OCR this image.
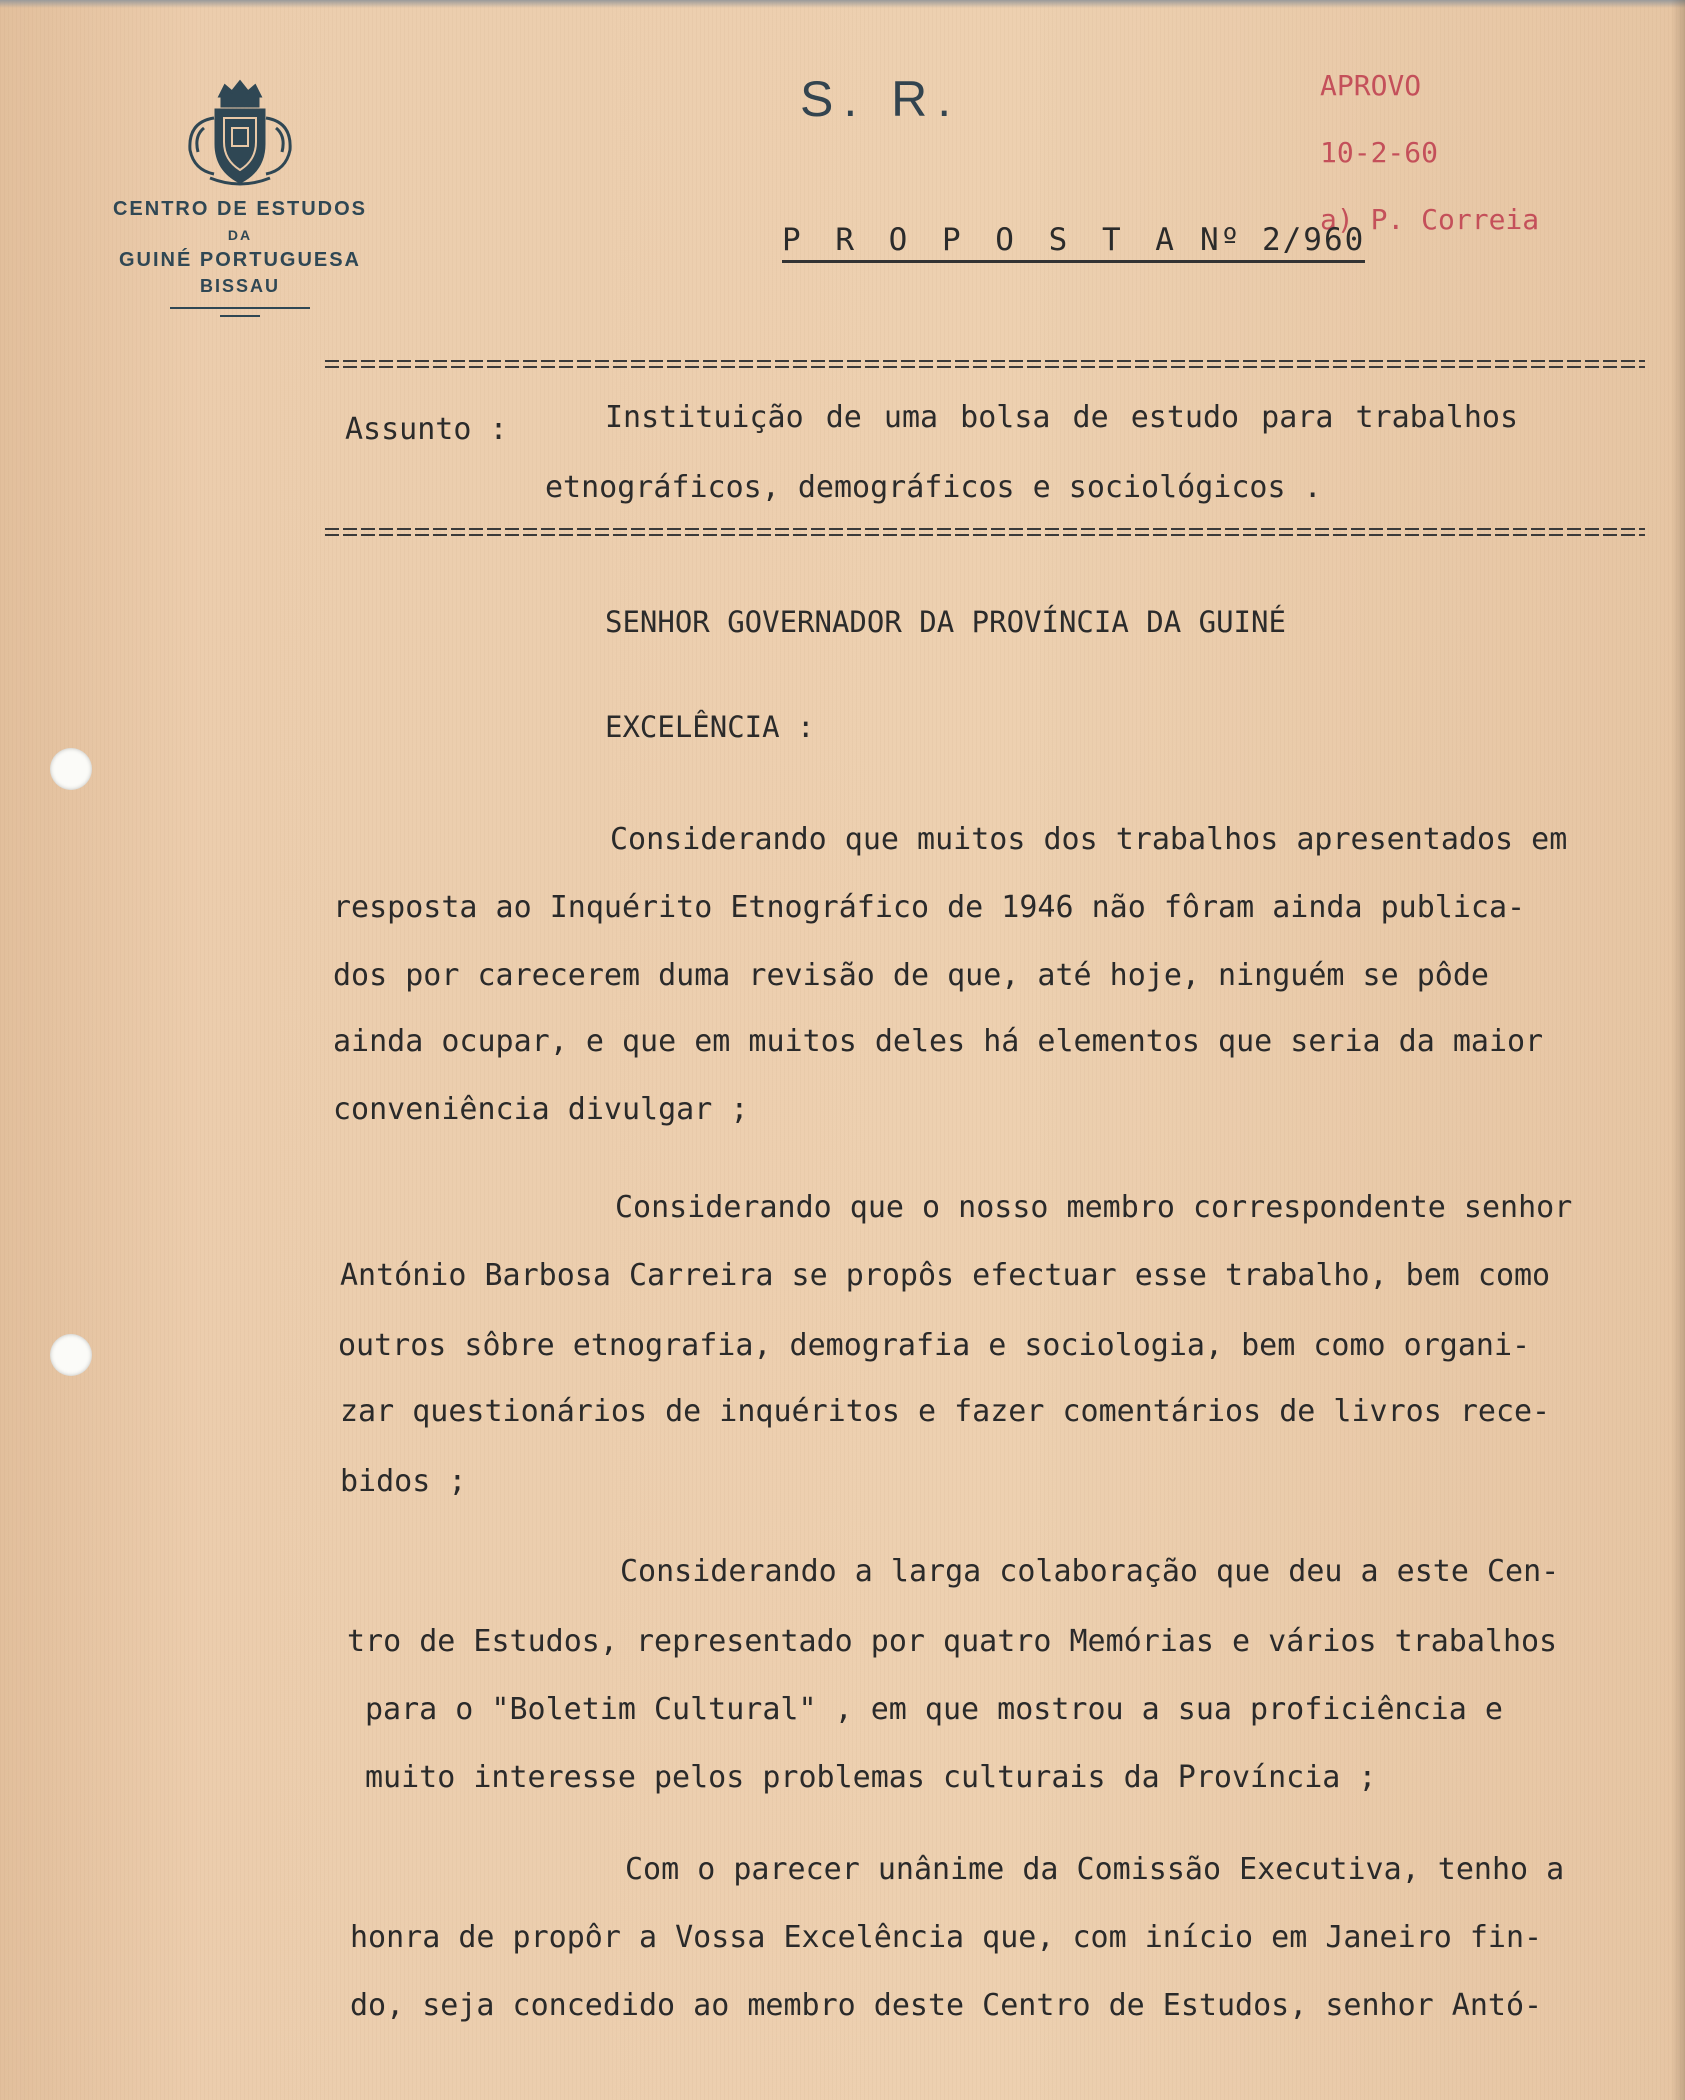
CENTRO DE ESTUDOS
DA
GUINÉ PORTUGUESA
BISSAU
S. R.	APROVO
10-2-60
a) P. Correia
P R O P O S T A Nº 2/960
Assunto :	Instituição de uma bolsa de estudo para trabalhos
etnográficos, demográficos e sociológicos .
SENHOR GOVERNADOR DA PROVÍNCIA DA GUINÉ
EXCELÊNCIA :
Considerando que muitos dos trabalhos apresentados em
resposta ao Inquérito Etnográfico de 1946 não fôram ainda publica-
dos por carecerem duma revisão de que, até hoje, ninguém se pôde
ainda ocupar, e que em muitos deles há elementos que seria da maior
conveniência divulgar ;
Considerando que o nosso membro correspondente senhor
António Barbosa Carreira se propôs efectuar esse trabalho, bem como
outros sôbre etnografia, demografia e sociologia, bem como organi-
zar questionários de inquéritos e fazer comentários de livros rece-
bidos ;
Considerando a larga colaboração que deu a este Cen-
tro de Estudos, representado por quatro Memórias e vários trabalhos
para o "Boletim Cultural" , em que mostrou a sua proficiência e
muito interesse pelos problemas culturais da Província ;
Com o parecer unânime da Comissão Executiva, tenho a
honra de propôr a Vossa Excelência que, com início em Janeiro fin-
do, seja concedido ao membro deste Centro de Estudos, senhor Antó-
